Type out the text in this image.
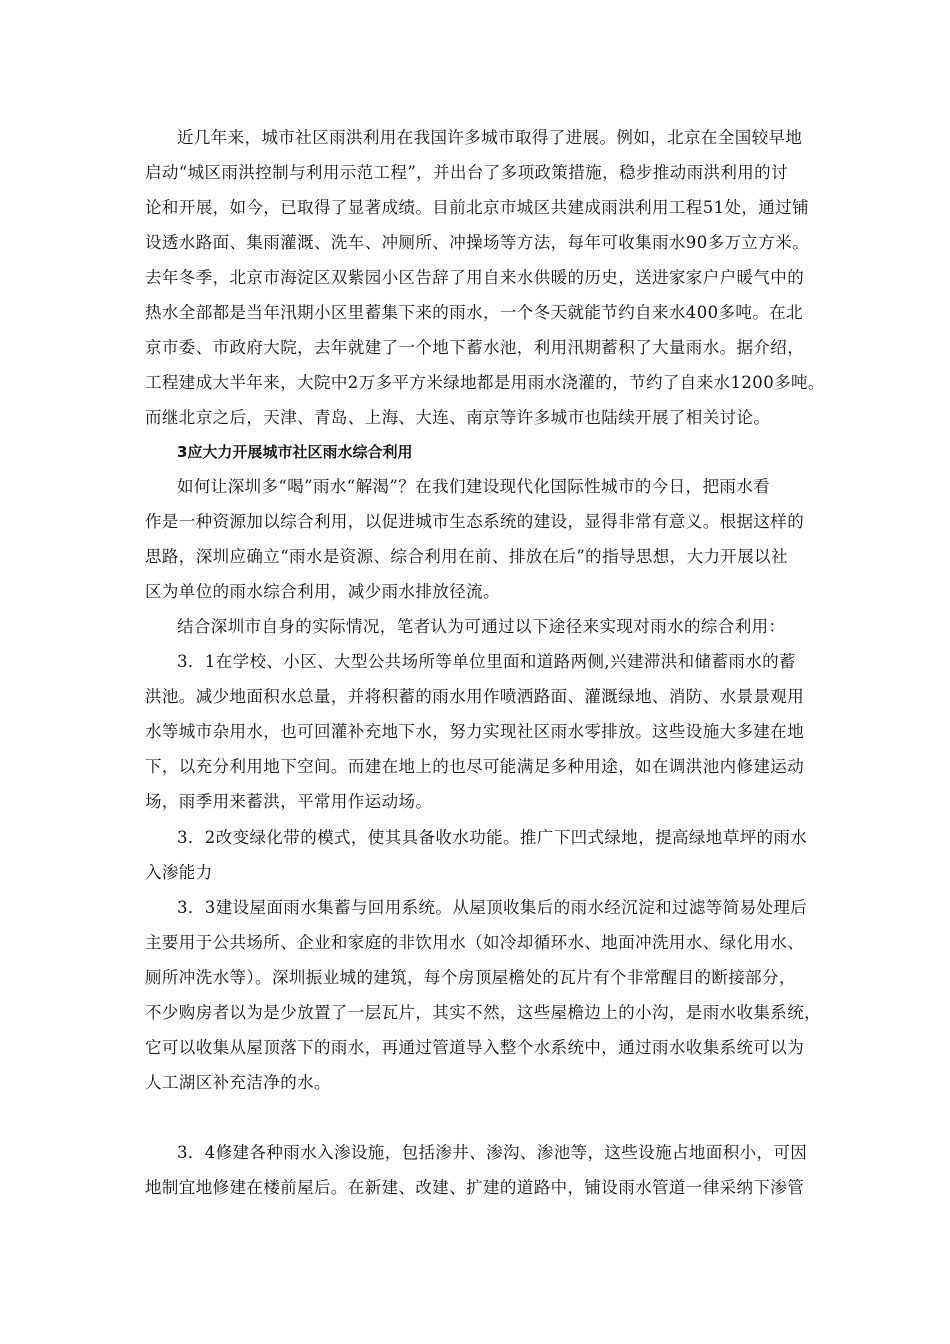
近几年来，城市社区雨洪利用在我国许多城市取得了进展。例如，北京在全国较早地
启动“城区雨洪控制与利用示范工程”，并出台了多项政策措施，稳步推动雨洪利用的讨
论和开展，如今，已取得了显著成绩。目前北京市城区共建成雨洪利用工程51处，通过铺
设透水路面、集雨灌溉、洗车、冲厕所、冲操场等方法，每年可收集雨水90多万立方米。
去年冬季，北京市海淀区双紫园小区告辞了用自来水供暖的历史，送进家家户户暖气中的
热水全部都是当年汛期小区里蓄集下来的雨水，一个冬天就能节约自来水400多吨。在北
京市委、市政府大院，去年就建了一个地下蓄水池，利用汛期蓄积了大量雨水。据介绍，
工程建成大半年来，大院中2万多平方米绿地都是用雨水浇灌的，节约了自来水1200多吨。
而继北京之后，天津、青岛、上海、大连、南京等许多城市也陆续开展了相关讨论。
3应大力开展城市社区雨水综合利用
如何让深圳多“喝”雨水“解渴”？在我们建设现代化国际性城市的今日，把雨水看
作是一种资源加以综合利用，以促进城市生态系统的建设，显得非常有意义。根据这样的
思路，深圳应确立“雨水是资源、综合利用在前、排放在后”的指导思想，大力开展以社
区为单位的雨水综合利用，减少雨水排放径流。
结合深圳市自身的实际情况，笔者认为可通过以下途径来实现对雨水的综合利用：
3．1在学校、小区、大型公共场所等单位里面和道路两侧,兴建滞洪和储蓄雨水的蓄
洪池。减少地面积水总量，并将积蓄的雨水用作喷洒路面、灌溉绿地、消防、水景景观用
水等城市杂用水，也可回灌补充地下水，努力实现社区雨水零排放。这些设施大多建在地
下，以充分利用地下空间。而建在地上的也尽可能满足多种用途，如在调洪池内修建运动
场，雨季用来蓄洪，平常用作运动场。
3．2改变绿化带的模式，使其具备收水功能。推广下凹式绿地，提高绿地草坪的雨水
入渗能力
3．3建设屋面雨水集蓄与回用系统。从屋顶收集后的雨水经沉淀和过滤等简易处理后
主要用于公共场所、企业和家庭的非饮用水（如冷却循环水、地面冲洗用水、绿化用水、
厕所冲洗水等）。深圳振业城的建筑，每个房顶屋檐处的瓦片有个非常醒目的断接部分，
不少购房者以为是少放置了一层瓦片，其实不然，这些屋檐边上的小沟，是雨水收集系统，
它可以收集从屋顶落下的雨水，再通过管道导入整个水系统中，通过雨水收集系统可以为
人工湖区补充洁净的水。
3．4修建各种雨水入渗设施，包括渗井、渗沟、渗池等，这些设施占地面积小，可因
地制宜地修建在楼前屋后。在新建、改建、扩建的道路中，铺设雨水管道一律采纳下渗管
